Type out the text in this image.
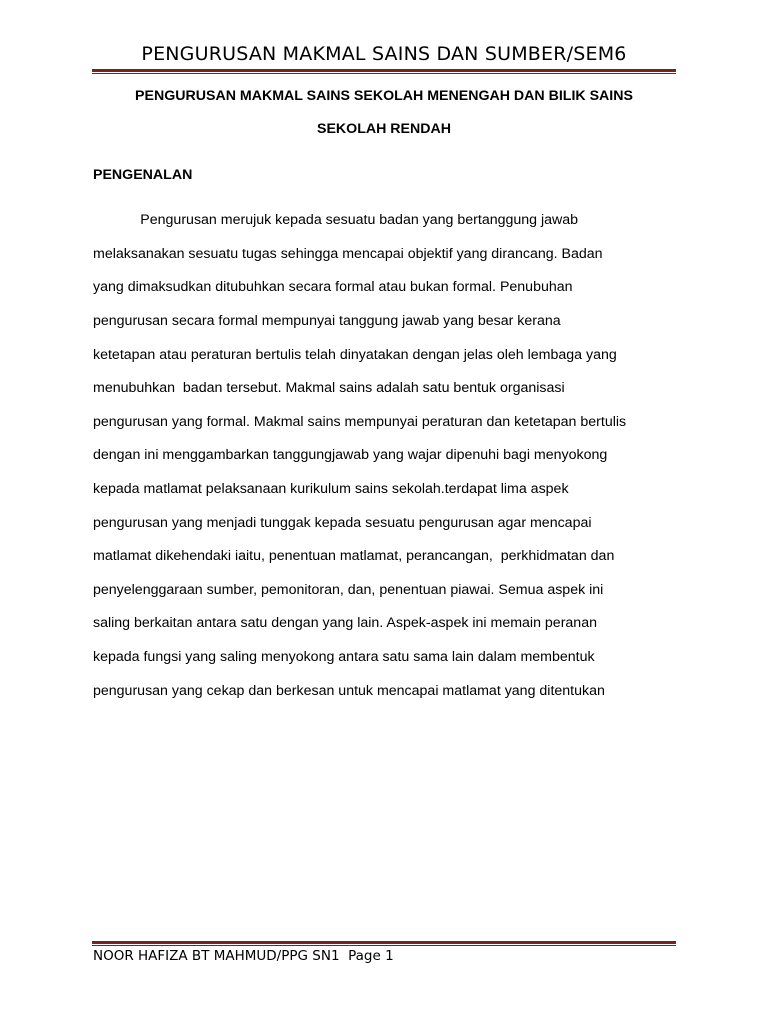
PENGURUSAN MAKMAL SAINS DAN SUMBER/SEM6
PENGURUSAN MAKMAL SAINS SEKOLAH MENENGAH DAN BILIK SAINS
SEKOLAH RENDAH
PENGENALAN
Pengurusan merujuk kepada sesuatu badan yang bertanggung jawab
melaksanakan sesuatu tugas sehingga mencapai objektif yang dirancang. Badan
yang dimaksudkan ditubuhkan secara formal atau bukan formal. Penubuhan
pengurusan secara formal mempunyai tanggung jawab yang besar kerana
ketetapan atau peraturan bertulis telah dinyatakan dengan jelas oleh lembaga yang
menubuhkan  badan tersebut. Makmal sains adalah satu bentuk organisasi
pengurusan yang formal. Makmal sains mempunyai peraturan dan ketetapan bertulis
dengan ini menggambarkan tanggungjawab yang wajar dipenuhi bagi menyokong
kepada matlamat pelaksanaan kurikulum sains sekolah.terdapat lima aspek
pengurusan yang menjadi tunggak kepada sesuatu pengurusan agar mencapai
matlamat dikehendaki iaitu, penentuan matlamat, perancangan,  perkhidmatan dan
penyelenggaraan sumber, pemonitoran, dan, penentuan piawai. Semua aspek ini
saling berkaitan antara satu dengan yang lain. Aspek-aspek ini memain peranan
kepada fungsi yang saling menyokong antara satu sama lain dalam membentuk
pengurusan yang cekap dan berkesan untuk mencapai matlamat yang ditentukan
NOOR HAFIZA BT MAHMUD/PPG SN1  Page 1
